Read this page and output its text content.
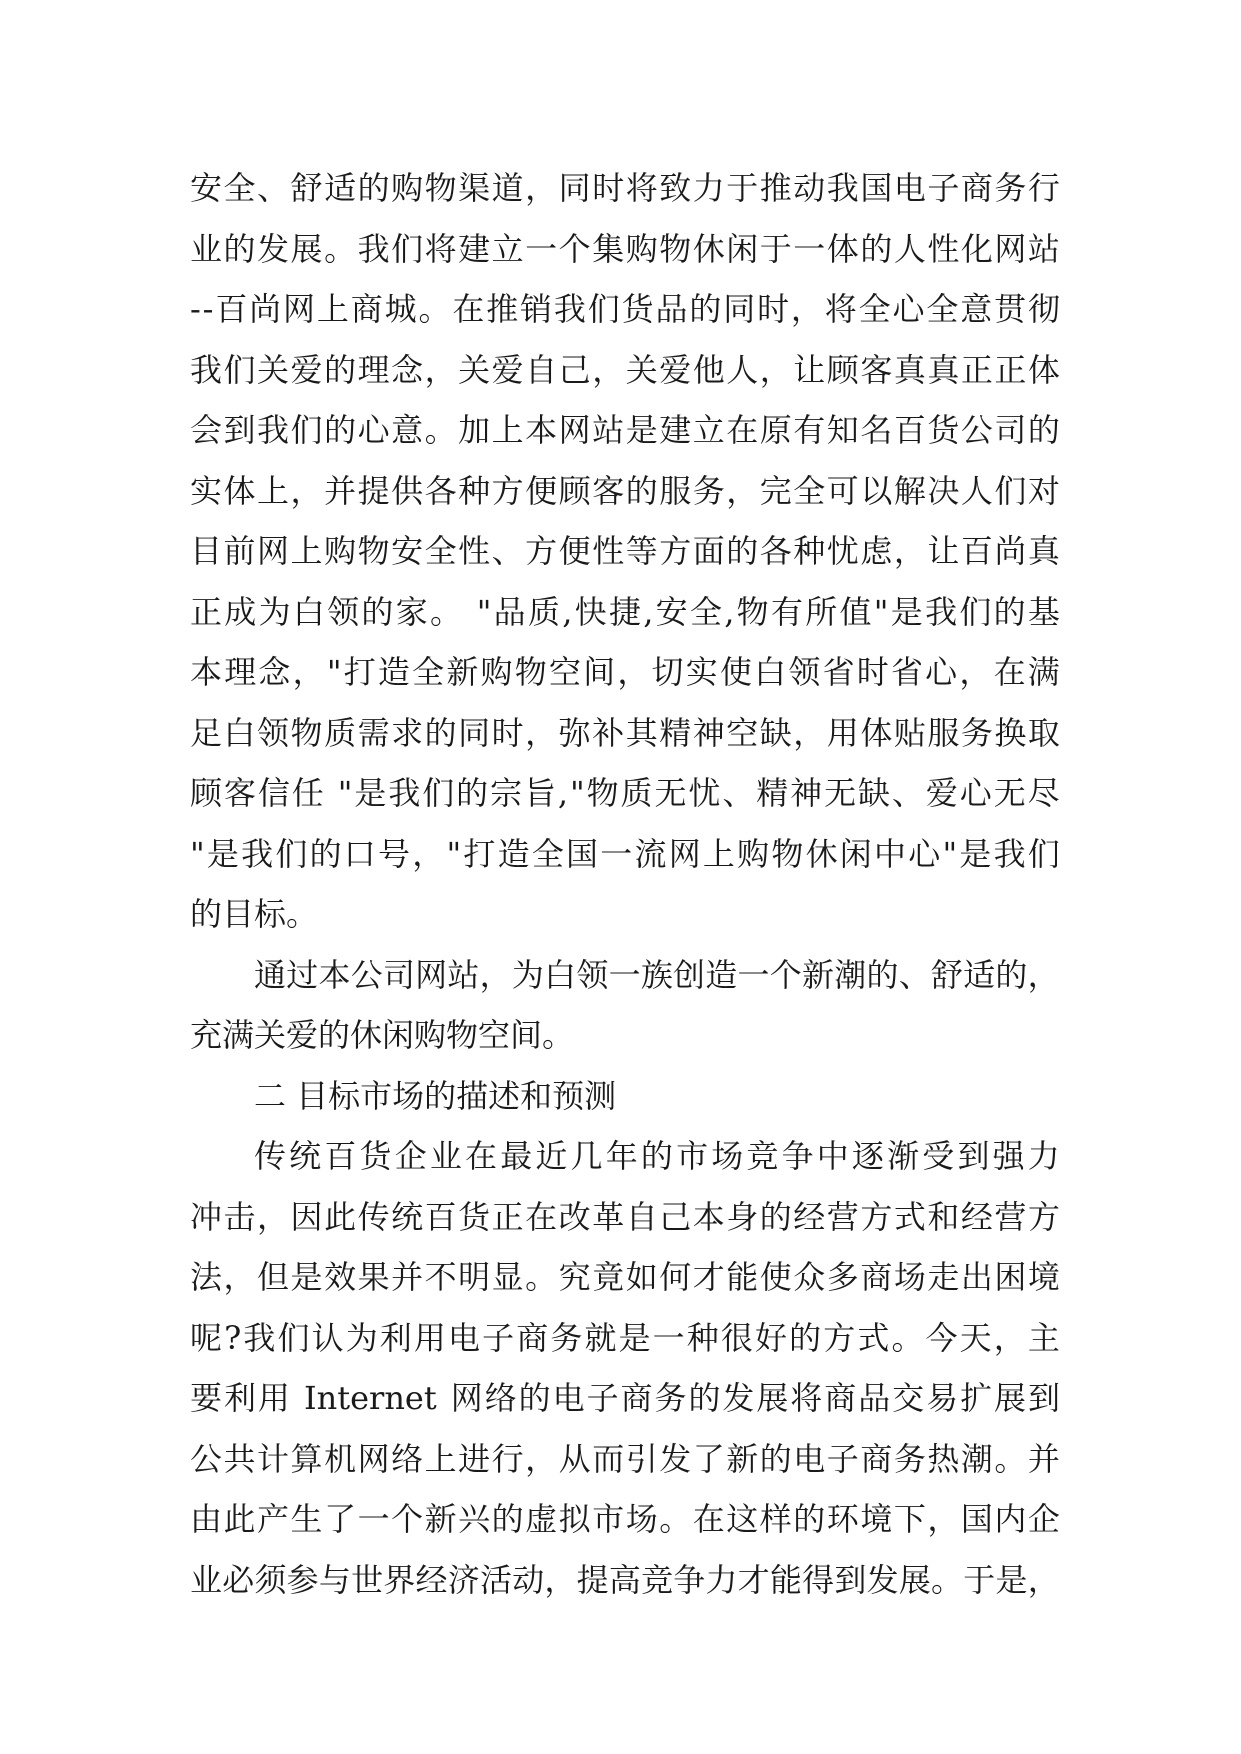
安 全 、 舒 适 的 购 物 渠 道 ， 同 时 将 致 力 于 推 动 我 国 电 子 商 务 行
业 的 发 展 。 我 们 将 建 立 一 个 集 购 物 休 闲 于 一 体 的 人 性 化 网 站
- - 百 尚 网 上 商 城 。 在 推 销 我 们 货 品 的 同 时 ， 将 全 心 全 意 贯 彻
我 们 关 爱 的 理 念 ， 关 爱 自 己 ， 关 爱 他 人 ， 让 顾 客 真 真 正 正 体
会 到 我 们 的 心 意 。 加 上 本 网 站 是 建 立 在 原 有 知 名 百 货 公 司 的
实 体 上 ， 并 提 供 各 种 方 便 顾 客 的 服 务 ， 完 全 可 以 解 决 人 们 对
目 前 网 上 购 物 安 全 性 、 方 便 性 等 方 面 的 各 种 忧 虑 ， 让 百 尚 真
正 成 为 白 领 的 家 。
" 品 质 , 快 捷 , 安 全 , 物 有 所 值 " 是 我 们 的 基
本 理 念 ， " 打 造 全 新 购 物 空 间 ， 切 实 使 白 领 省 时 省 心 ， 在 满
足 白 领 物 质 需 求 的 同 时 ， 弥 补 其 精 神 空 缺 ， 用 体 贴 服 务 换 取
顾 客 信 任
" 是 我 们 的 宗 旨 , " 物 质 无 忧 、 精 神 无 缺 、 爱 心 无 尽
" 是 我 们 的 口 号 ， " 打 造 全 国 一 流 网 上 购 物 休 闲 中 心 " 是 我 们
的目标。
通 过 本 公 司 网 站 ， 为 白 领 一 族 创 造 一 个 新 潮 的 、 舒 适 的 ，
充满关爱的休闲购物空间。
二 目标市场的描述和预测
传 统 百 货 企 业 在 最 近 几 年 的 市 场 竞 争 中 逐 渐 受 到 强 力
冲 击 ， 因 此 传 统 百 货 正 在 改 革 自 己 本 身 的 经 营 方 式 和 经 营 方
法 ， 但 是 效 果 并 不 明 显 。 究 竟 如 何 才 能 使 众 多 商 场 走 出 困 境
呢 ? 我 们 认 为 利 用 电 子 商 务 就 是 一 种 很 好 的 方 式 。 今 天 ， 主
要 利 用
Internet
网 络 的 电 子 商 务 的 发 展 将 商 品 交 易 扩 展 到
公 共 计 算 机 网 络 上 进 行 ， 从 而 引 发 了 新 的 电 子 商 务 热 潮 。 并
由 此 产 生 了 一 个 新 兴 的 虚 拟 市 场 。 在 这 样 的 环 境 下 ， 国 内 企
业 必 须 参 与 世 界 经 济 活 动 ， 提 高 竞 争 力 才 能 得 到 发 展 。 于 是 ，
